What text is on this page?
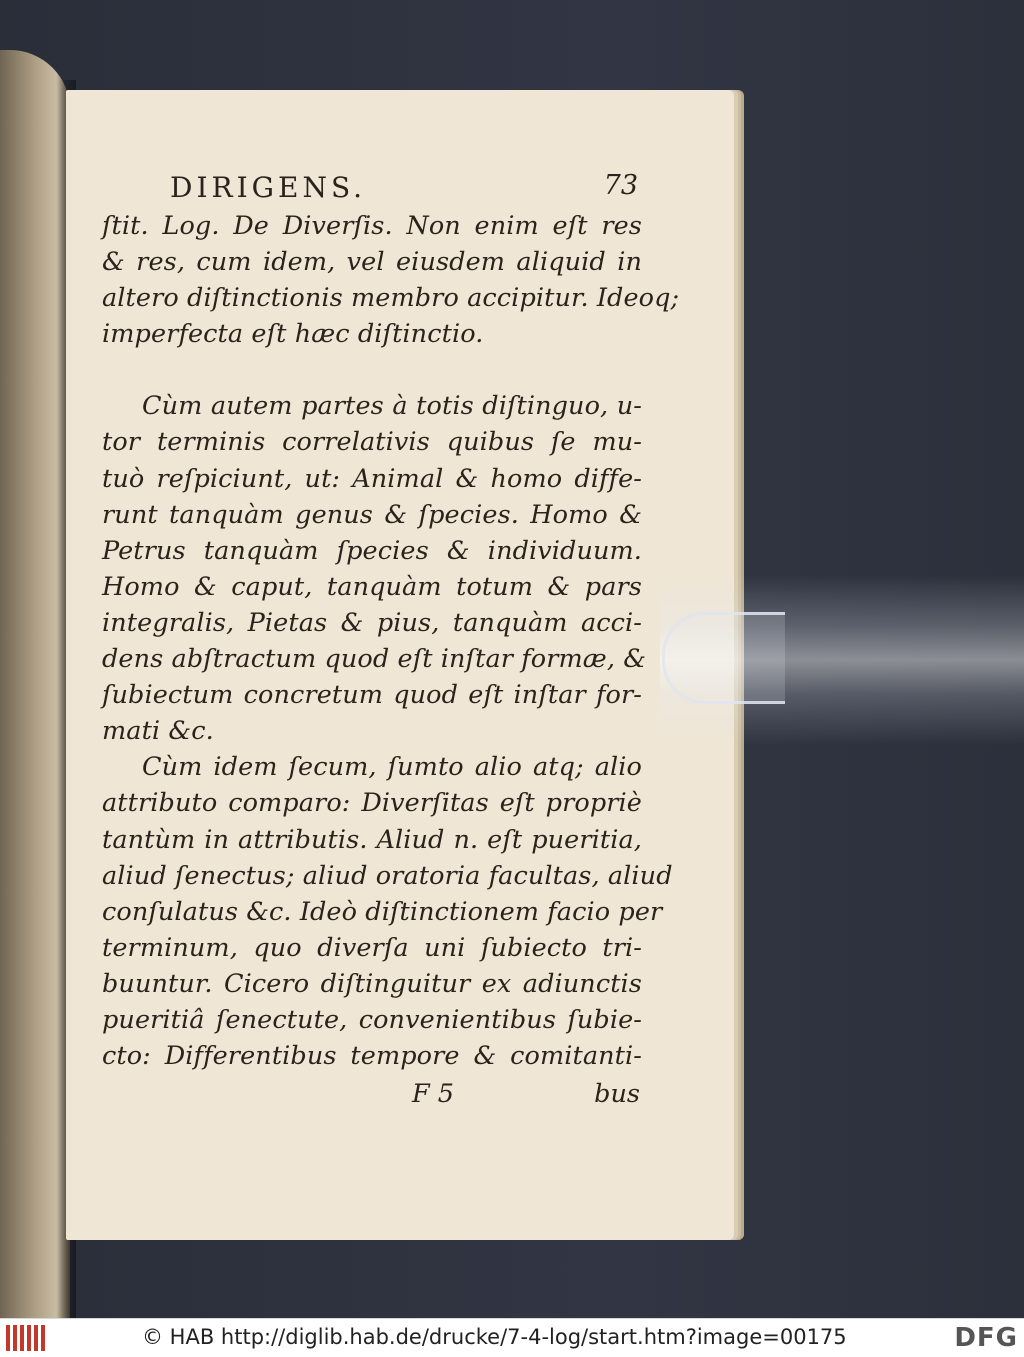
DIRIGENS.	73
ſtit. Log. De Diverſis. Non enim eſt res
& res, cum idem, vel eiusdem aliquid in
altero diſtinctionis membro accipitur. Ideoq;
imperfecta eſt hæc diſtinctio.
Cùm autem partes à totis diſtinguo, u-
tor terminis correlativis quibus ſe mu-
tuò reſpiciunt, ut: Animal & homo diffe-
runt tanquàm genus & ſpecies. Homo &
Petrus tanquàm ſpecies & individuum.
Homo & caput, tanquàm totum & pars
integralis, Pietas & pius, tanquàm acci-
dens abſtractum quod eſt inſtar formæ, &
ſubiectum concretum quod eſt inſtar for-
mati &c.
Cùm idem ſecum, ſumto alio atq; alio
attributo comparo: Diverſitas eſt propriè
tantùm in attributis. Aliud n. eſt pueritia,
aliud ſenectus; aliud oratoria facultas, aliud
conſulatus &c. Ideò diſtinctionem facio per
terminum, quo diverſa uni ſubiecto tri-
buuntur. Cicero diſtinguitur ex adiunctis
pueritiâ ſenectute, convenientibus ſubie-
cto: Differentibus tempore & comitanti-
F 5	bus
© HAB http://diglib.hab.de/drucke/7-4-log/start.htm?image=00175	DFG
